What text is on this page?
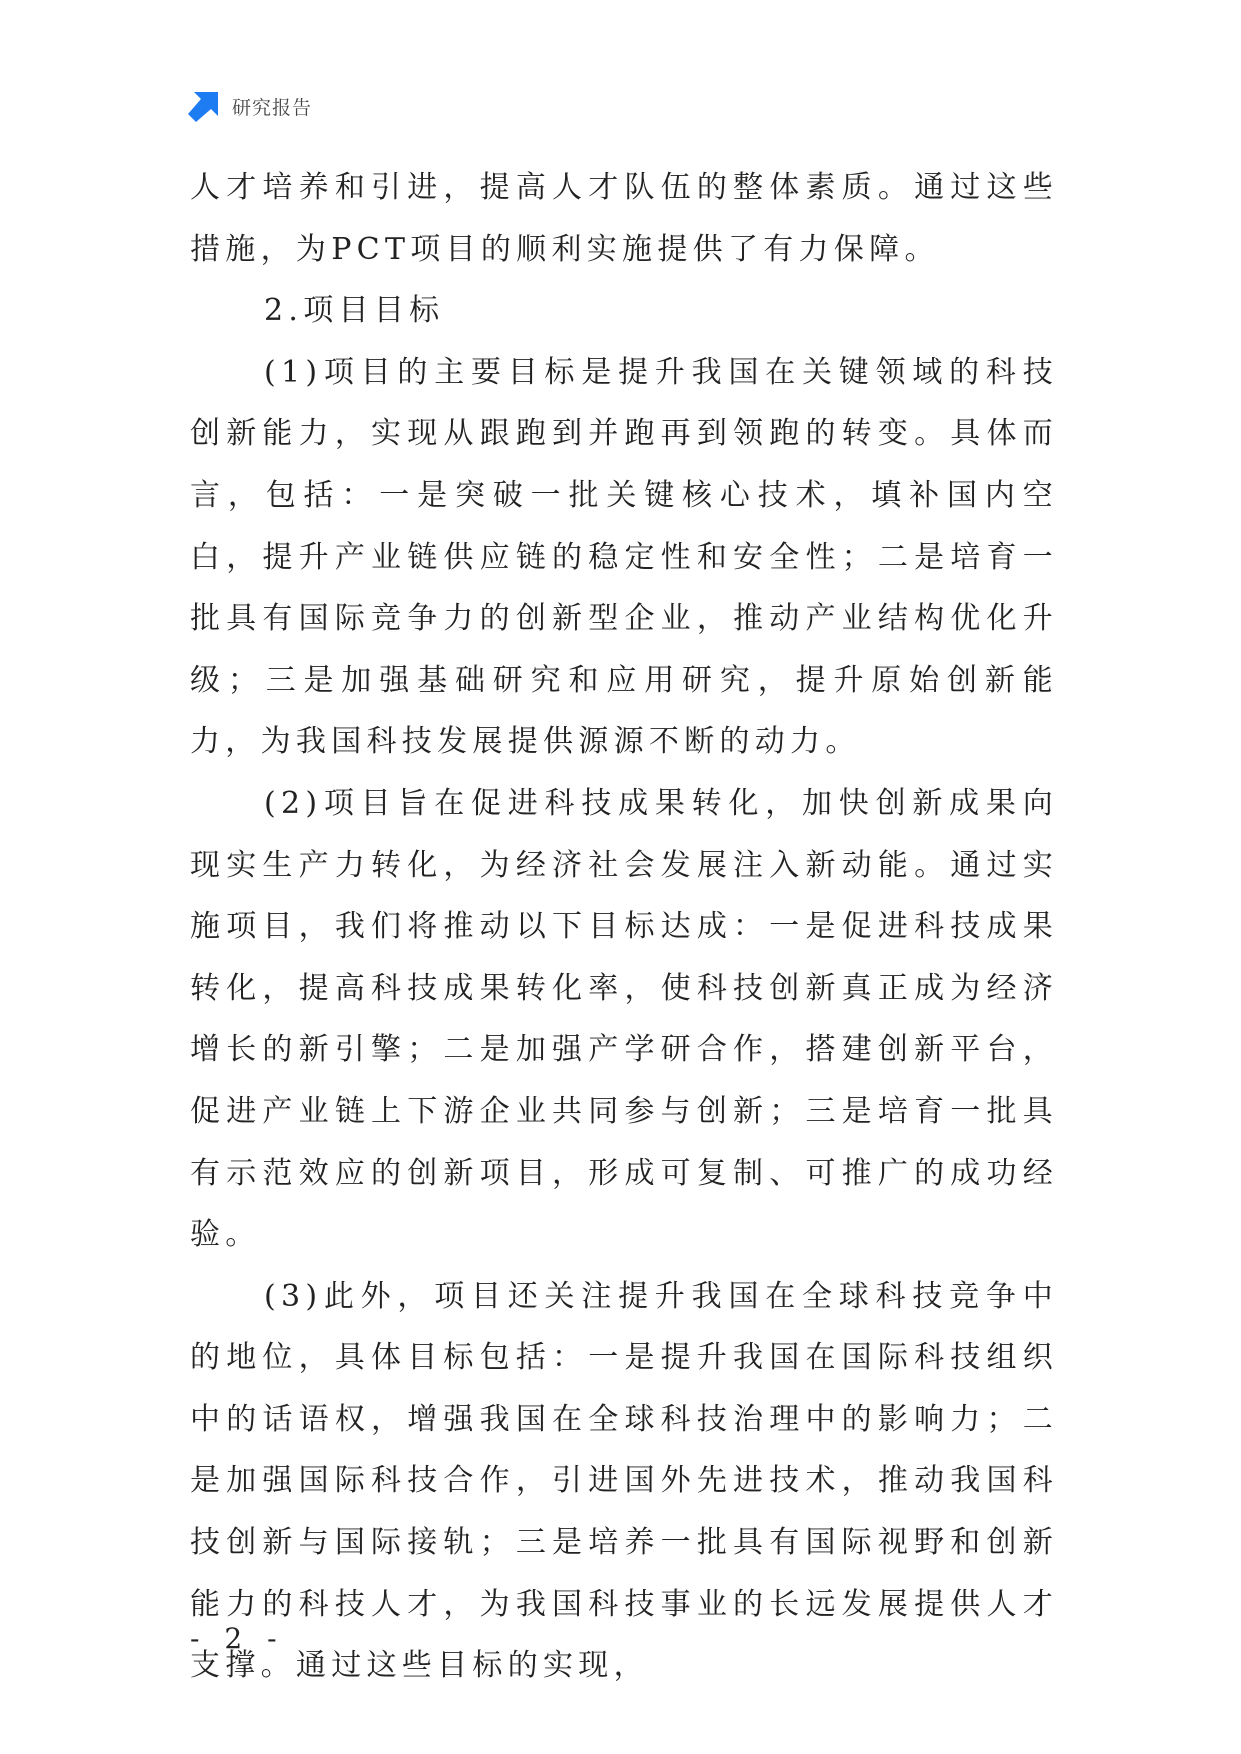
研究报告

人才培养和引进，提高人才队伍的整体素质。通过这些措施，为PCT项目的顺利实施提供了有力保障。

2.项目目标

(1)项目的主要目标是提升我国在关键领域的科技创新能力，实现从跟跑到并跑再到领跑的转变。具体而言，包括：一是突破一批关键核心技术，填补国内空白，提升产业链供应链的稳定性和安全性；二是培育一批具有国际竞争力的创新型企业，推动产业结构优化升级；三是加强基础研究和应用研究，提升原始创新能力，为我国科技发展提供源源不断的动力。

(2)项目旨在促进科技成果转化，加快创新成果向现实生产力转化，为经济社会发展注入新动能。通过实施项目，我们将推动以下目标达成：一是促进科技成果转化，提高科技成果转化率，使科技创新真正成为经济增长的新引擎；二是加强产学研合作，搭建创新平台，促进产业链上下游企业共同参与创新；三是培育一批具有示范效应的创新项目，形成可复制、可推广的成功经验。

(3)此外，项目还关注提升我国在全球科技竞争中的地位，具体目标包括：一是提升我国在国际科技组织中的话语权，增强我国在全球科技治理中的影响力；二是加强国际科技合作，引进国外先进技术，推动我国科技创新与国际接轨；三是培养一批具有国际视野和创新能力的科技人才，为我国科技事业的长远发展提供人才支撑。通过这些目标的实现，

- 2 -
